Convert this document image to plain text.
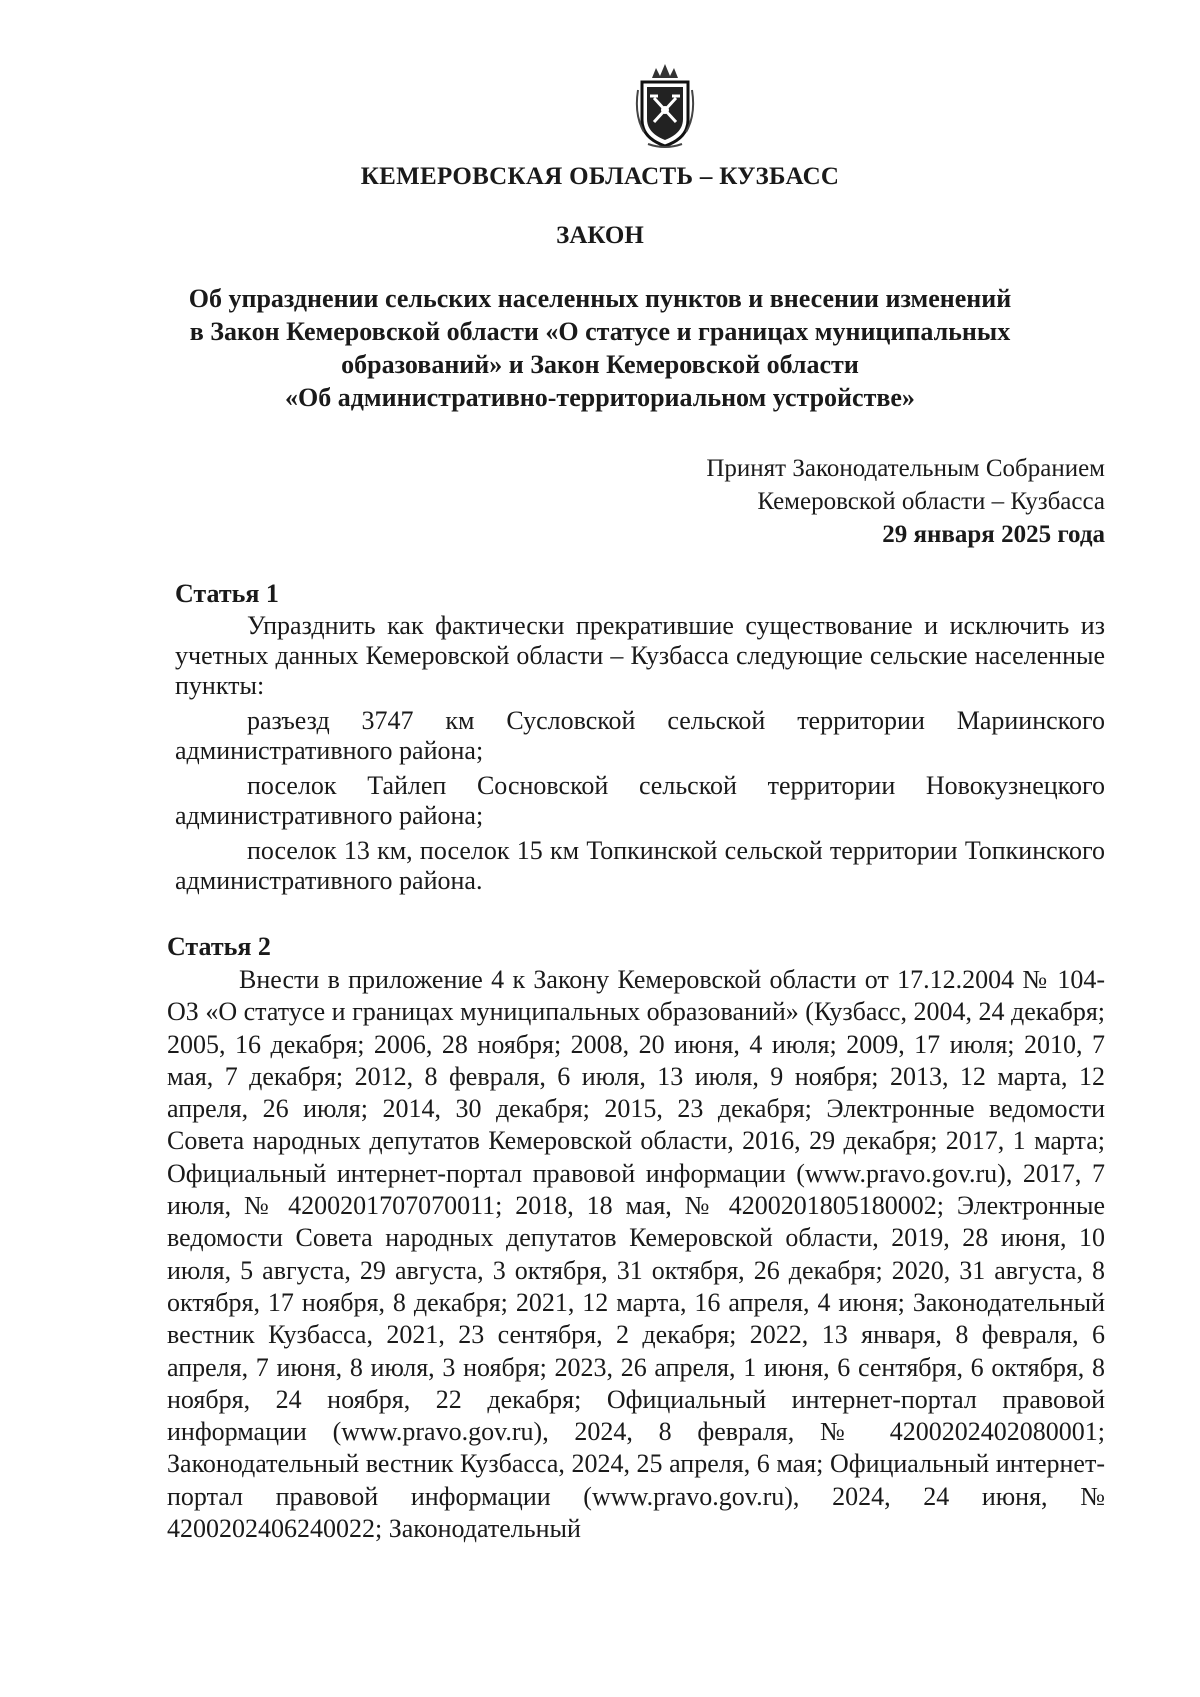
КЕМЕРОВСКАЯ ОБЛАСТЬ – КУЗБАСС
ЗАКОН
Об упразднении сельских населенных пунктов и внесении изменений
в Закон Кемеровской области «О статусе и границах муниципальных
образований» и Закон Кемеровской области
«Об административно-территориальном устройстве»
Принят Законодательным Собранием
Кемеровской области – Кузбасса
29 января 2025 года
Статья 1

Упразднить как фактически прекратившие существование и исключить из учетных данных Кемеровской области – Кузбасса следующие сельские населенные пункты:

разъезд 3747 км Сусловской сельской территории Мариинского административного района;

поселок Тайлеп Сосновской сельской территории Новокузнецкого административного района;

поселок 13 км, поселок 15 км Топкинской сельской территории Топкинского административного района.

Статья 2

Внести в приложение 4 к Закону Кемеровской области от 17.12.2004 № 104-ОЗ «О статусе и границах муниципальных образований» (Кузбасс, 2004, 24 декабря; 2005, 16 декабря; 2006, 28 ноября; 2008, 20 июня, 4 июля; 2009, 17 июля; 2010, 7 мая, 7 декабря; 2012, 8 февраля, 6 июля, 13 июля, 9 ноября; 2013, 12 марта, 12 апреля, 26 июля; 2014, 30 декабря; 2015, 23 декабря; Электронные ведомости Совета народных депутатов Кемеровской области, 2016, 29 декабря; 2017, 1 марта; Официальный интернет-портал правовой информации (www.pravo.gov.ru), 2017, 7 июля, № 4200201707070011; 2018, 18 мая, № 4200201805180002; Электронные ведомости Совета народных депутатов Кемеровской области, 2019, 28 июня, 10 июля, 5 августа, 29 августа, 3 октября, 31 октября, 26 декабря; 2020, 31 августа, 8 октября, 17 ноября, 8 декабря; 2021, 12 марта, 16 апреля, 4 июня; Законодательный вестник Кузбасса, 2021, 23 сентября, 2 декабря; 2022, 13 января, 8 февраля, 6 апреля, 7 июня, 8 июля, 3 ноября; 2023, 26 апреля, 1 июня, 6 сентября, 6 октября, 8 ноября, 24 ноября, 22 декабря; Официальный интернет-портал правовой информации (www.pravo.gov.ru), 2024, 8 февраля, № 4200202402080001; Законодательный вестник Кузбасса, 2024, 25 апреля, 6 мая; Официальный интернет-портал правовой информации (www.pravo.gov.ru), 2024, 24 июня, № 4200202406240022; Законодательный
